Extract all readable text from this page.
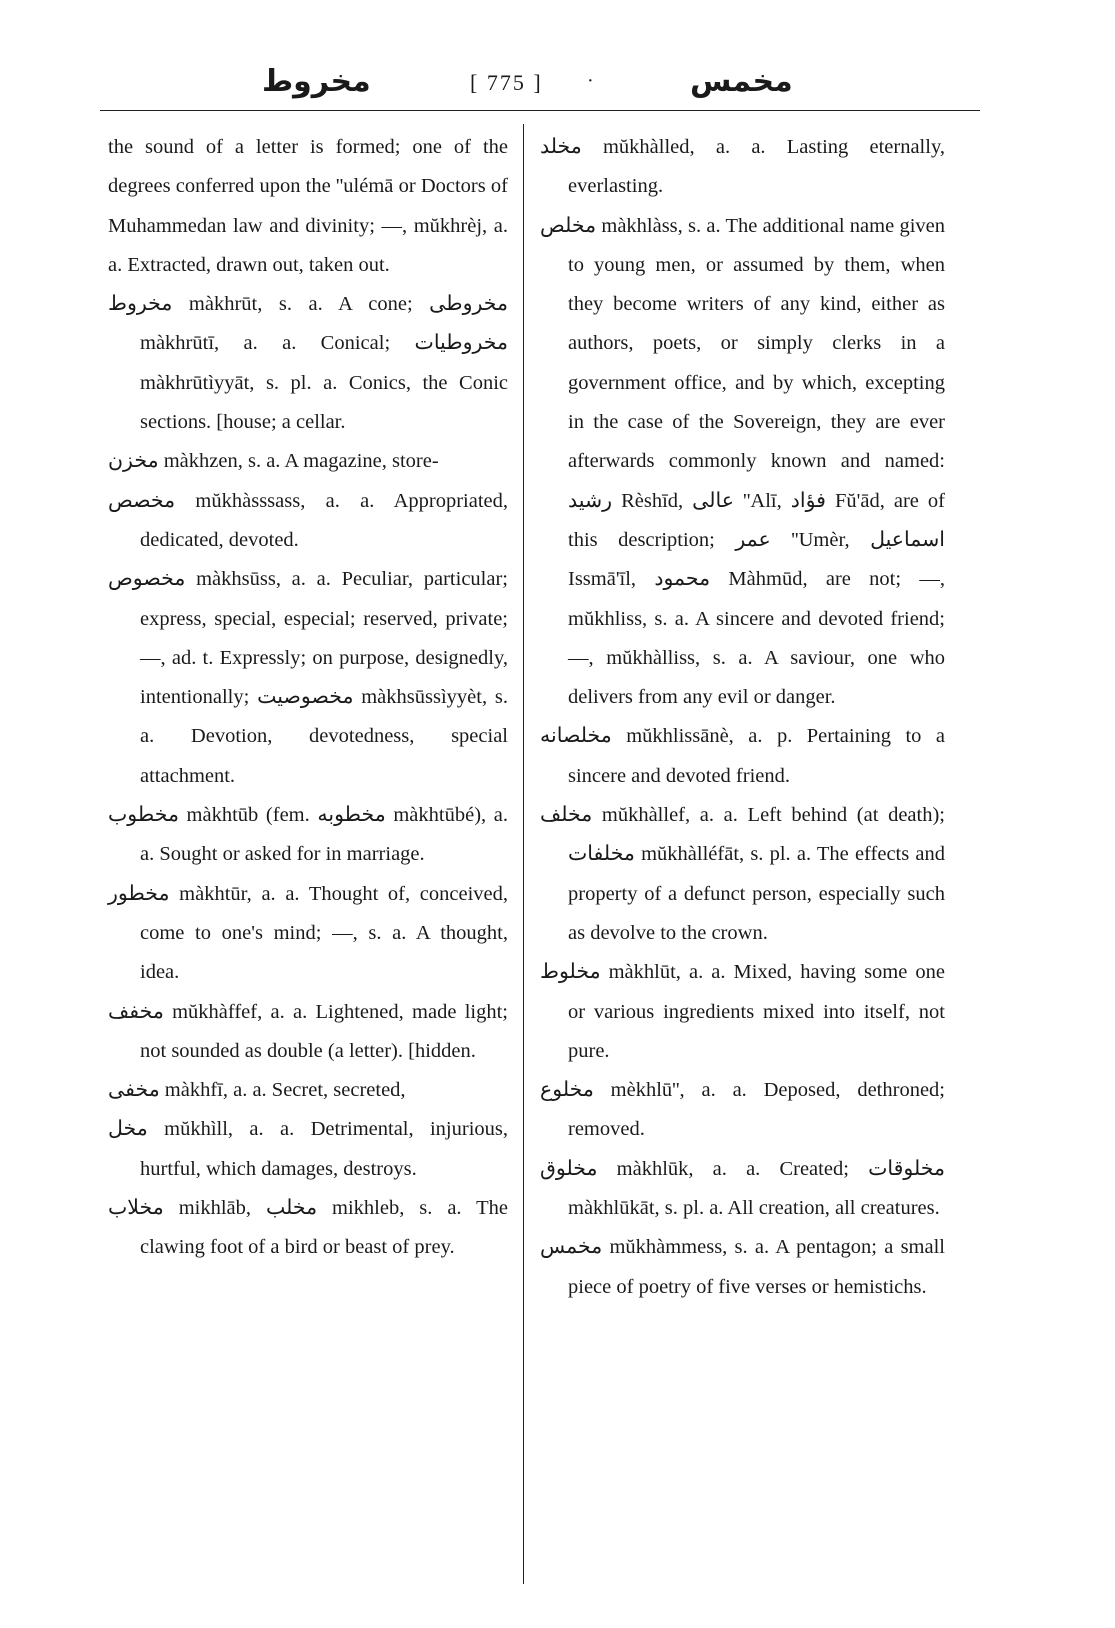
مخروط	[ 775 ] ·	مخمس
the sound of a letter is formed; one of the degrees conferred upon the ''ulémā or Doctors of Muhammedan law and divinity; —, mŭkhrèj, a. a. Extracted, drawn out, taken out.
مخروط màkhrūt, s. a. A cone; مخروطى màkhrūtī, a. a. Conical; مخروطيات màkhrūtìyyāt, s. pl. a. Conics, the Conic sections. [house; a cellar.
مخزن màkhzen, s. a. A magazine, store-
مخصص mŭkhàsssass, a. a. Appropriated, dedicated, devoted.
مخصوص màkhsūss, a. a. Peculiar, particular; express, special, especial; reserved, private; —, ad. t. Expressly; on purpose, designedly, intentionally; مخصوصيت màkhsūssìyyèt, s. a. Devotion, devotedness, special attachment.
مخطوب màkhtūb (fem. مخطوبه màkhtūbé), a. a. Sought or asked for in marriage.
مخطور màkhtūr, a. a. Thought of, conceived, come to one's mind; —, s. a. A thought, idea.
مخفف mŭkhàffef, a. a. Lightened, made light; not sounded as double (a letter). [hidden.
مخفى màkhfī, a. a. Secret, secreted,
مخل mŭkhìll, a. a. Detrimental, injurious, hurtful, which damages, destroys.
مخلاب mikhlāb, مخلب mikhleb, s. a. The clawing foot of a bird or beast of prey.
مخلد mŭkhàlled, a. a. Lasting eternally, everlasting.
مخلص màkhlàss, s. a. The additional name given to young men, or assumed by them, when they become writers of any kind, either as authors, poets, or simply clerks in a government office, and by which, excepting in the case of the Sovereign, they are ever afterwards commonly known and named: رشيد Rèshīd, عالى ''Alī, فؤاد Fŭ'ād, are of this description; عمر ''Umèr, اسماعيل Issmā'īl, محمود Màhmūd, are not; —, mŭkhliss, s. a. A sincere and devoted friend; —, mŭkhàlliss, s. a. A saviour, one who delivers from any evil or danger.
مخلصانه mŭkhlissānè, a. p. Pertaining to a sincere and devoted friend.
مخلف mŭkhàllef, a. a. Left behind (at death); مخلفات mŭkhàlléfāt, s. pl. a. The effects and property of a defunct person, especially such as devolve to the crown.
مخلوط màkhlūt, a. a. Mixed, having some one or various ingredients mixed into itself, not pure.
مخلوع mèkhlū'', a. a. Deposed, dethroned; removed.
مخلوق màkhlūk, a. a. Created; مخلوقات màkhlūkāt, s. pl. a. All creation, all creatures.
مخمس mŭkhàmmess, s. a. A pentagon; a small piece of poetry of five verses or hemistichs.
